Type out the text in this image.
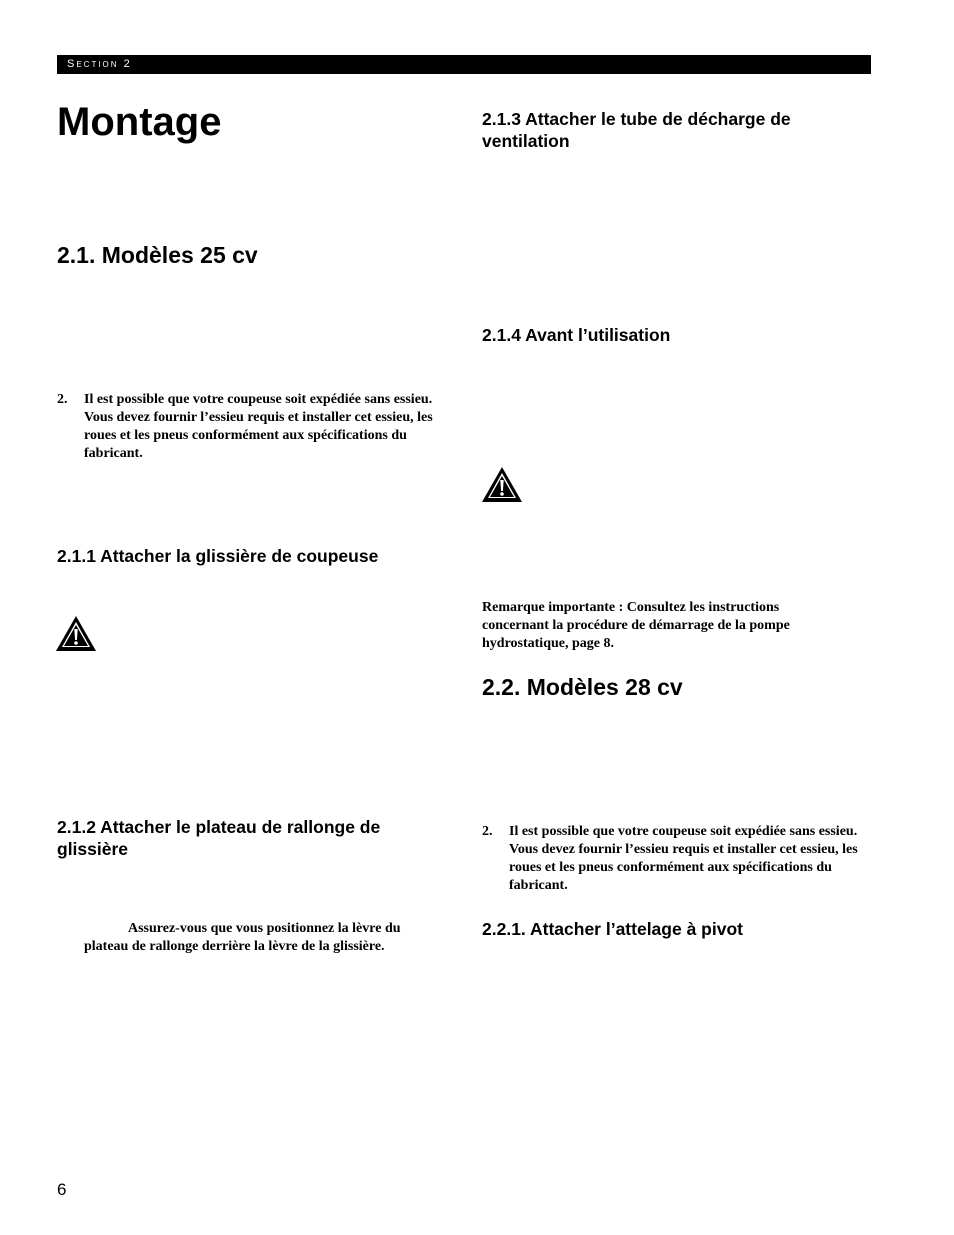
Section 2
Montage
2.1. Modèles 25 cv
2. Il est possible que votre coupeuse soit expédiée sans essieu. Vous devez fournir l’essieu requis et installer cet essieu, les roues et les pneus conformément aux spécifications du fabricant.
2.1.1 Attacher la glissière de coupeuse
2.1.2 Attacher le plateau de rallonge de glissière

Assurez-vous que vous positionnez la lèvre du plateau de rallonge derrière la lèvre de la glissière.

2.1.3 Attacher le tube de décharge de ventilation
2.1.4 Avant l’utilisation

Remarque importante : Consultez les instructions concernant la procédure de démarrage de la pompe hydrostatique, page 8.

2.2. Modèles 28 cv
2. Il est possible que votre coupeuse soit expédiée sans essieu. Vous devez fournir l’essieu requis et installer cet essieu, les roues et les pneus conformément aux spécifications du fabricant.
2.2.1. Attacher l’attelage à pivot
6
